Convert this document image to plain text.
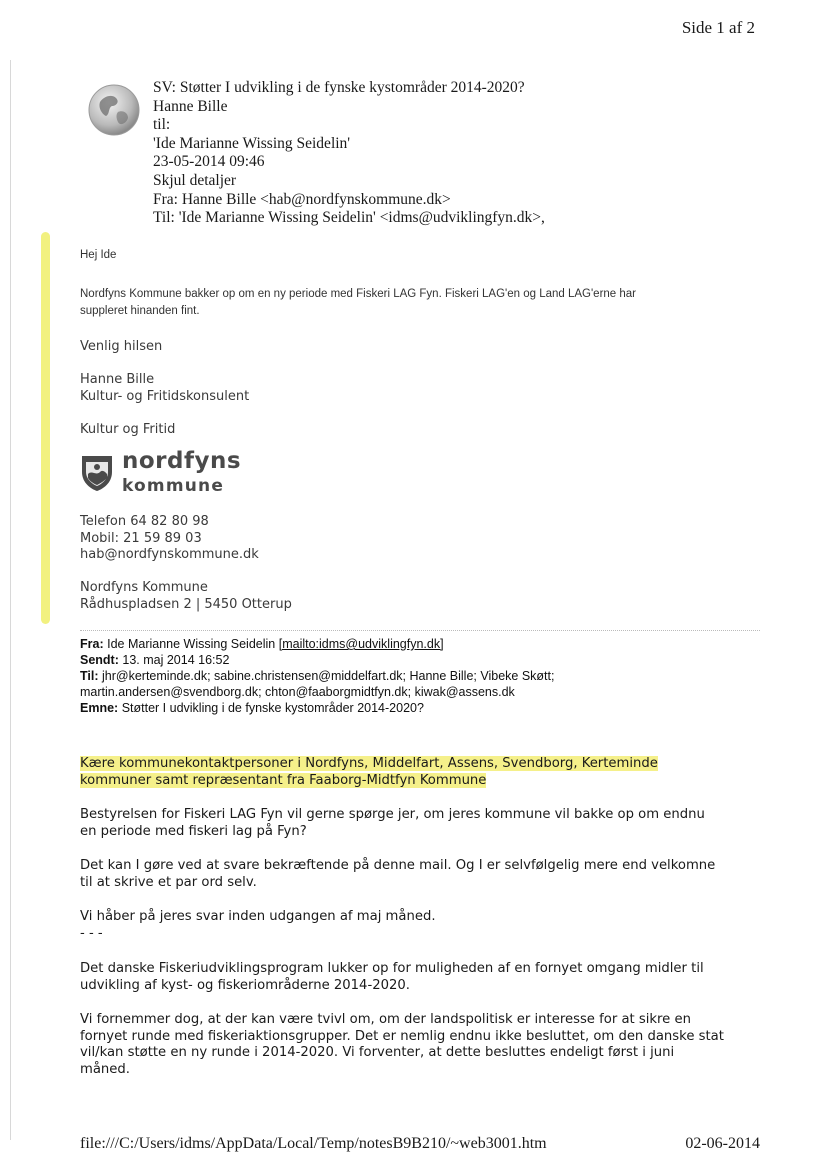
Side 1 af 2
SV: Støtter I udvikling i de fynske kystområder 2014-2020?
Hanne Bille
til:
'Ide Marianne Wissing Seidelin'
23-05-2014 09:46
Skjul detaljer
Fra: Hanne Bille <hab@nordfynskommune.dk>
Til: 'Ide Marianne Wissing Seidelin' <idms@udviklingfyn.dk>,
Hej Ide
Nordfyns Kommune bakker op om en ny periode med Fiskeri LAG Fyn. Fiskeri LAG'en og Land LAG'erne har
suppleret hinanden fint.
Venlig hilsen
Hanne Bille
Kultur- og Fritidskonsulent
Kultur og Fritid
nordfyns
kommune
Telefon 64 82 80 98
Mobil: 21 59 89 03
hab@nordfynskommune.dk
Nordfyns Kommune
Rådhuspladsen 2 | 5450 Otterup
Fra: Ide Marianne Wissing Seidelin [mailto:idms@udviklingfyn.dk]
Sendt: 13. maj 2014 16:52
Til: jhr@kerteminde.dk; sabine.christensen@middelfart.dk; Hanne Bille; Vibeke Skøtt;
martin.andersen@svendborg.dk; chton@faaborgmidtfyn.dk; kiwak@assens.dk
Emne: Støtter I udvikling i de fynske kystområder 2014-2020?
Kære kommunekontaktpersoner i Nordfyns, Middelfart, Assens, Svendborg, Kerteminde
kommuner samt repræsentant fra Faaborg-Midtfyn Kommune
Bestyrelsen for Fiskeri LAG Fyn vil gerne spørge jer, om jeres kommune vil bakke op om endnu
en periode med fiskeri lag på Fyn?
Det kan I gøre ved at svare bekræftende på denne mail. Og I er selvfølgelig mere end velkomne
til at skrive et par ord selv.
Vi håber på jeres svar inden udgangen af maj måned.
- - -
Det danske Fiskeriudviklingsprogram lukker op for muligheden af en fornyet omgang midler til
udvikling af kyst- og fiskeriområderne 2014-2020.
Vi fornemmer dog, at der kan være tvivl om, om der landspolitisk er interesse for at sikre en
fornyet runde med fiskeriaktionsgrupper. Det er nemlig endnu ikke besluttet, om den danske stat
vil/kan støtte en ny runde i 2014-2020. Vi forventer, at dette besluttes endeligt først i juni
måned.
file:///C:/Users/idms/AppData/Local/Temp/notesB9B210/~web3001.htm	02-06-2014
